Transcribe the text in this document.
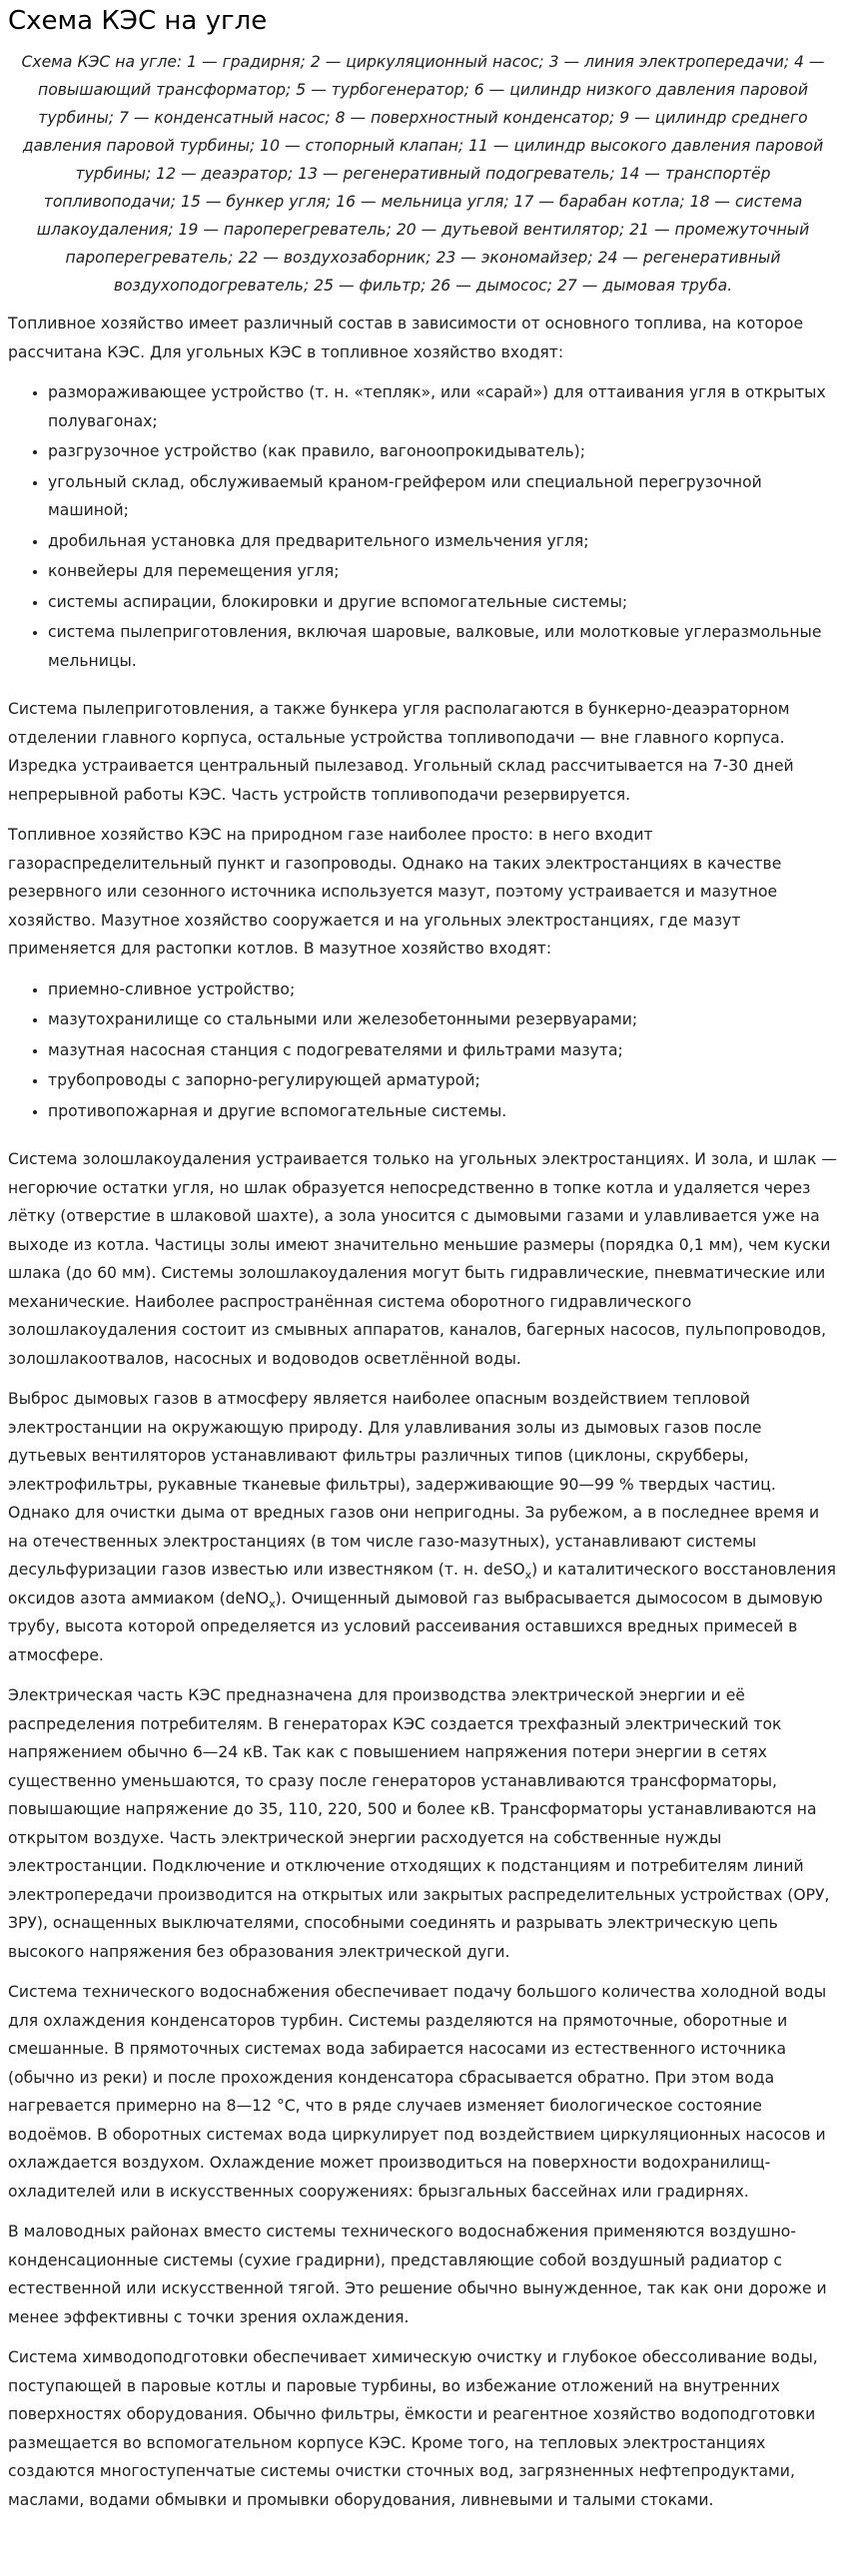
Схема КЭС на угле
Схема КЭС на угле: 1 — градирня; 2 — циркуляционный насос; 3 — линия электропередачи; 4 — повышающий трансформатор; 5 — турбогенератор; 6 — цилиндр низкого давления паровой турбины; 7 — конденсатный насос; 8 — поверхностный конденсатор; 9 — цилиндр среднего давления паровой турбины; 10 — стопорный клапан; 11 — цилиндр высокого давления паровой турбины; 12 — деаэратор; 13 — регенеративный подогреватель; 14 — транспортёр топливоподачи; 15 — бункер угля; 16 — мельница угля; 17 — барабан котла; 18 — система шлакоудаления; 19 — пароперегреватель; 20 — дутьевой вентилятор; 21 — промежуточный пароперегреватель; 22 — воздухозаборник; 23 — экономайзер; 24 — регенеративный воздухоподогреватель; 25 — фильтр; 26 — дымосос; 27 — дымовая труба.

Топливное хозяйство имеет различный состав в зависимости от основного топлива, на которое рассчитана КЭС. Для угольных КЭС в топливное хозяйство входят:

• размораживающее устройство (т. н. «тепляк», или «сарай») для оттаивания угля в открытых полувагонах;
• разгрузочное устройство (как правило, вагоноопрокидыватель);
• угольный склад, обслуживаемый краном-грейфером или специальной перегрузочной машиной;
• дробильная установка для предварительного измельчения угля;
• конвейеры для перемещения угля;
• системы аспирации, блокировки и другие вспомогательные системы;
• система пылеприготовления, включая шаровые, валковые, или молотковые углеразмольные мельницы.

Система пылеприготовления, а также бункера угля располагаются в бункерно-деаэраторном отделении главного корпуса, остальные устройства топливоподачи — вне главного корпуса. Изредка устраивается центральный пылезавод. Угольный склад рассчитывается на 7-30 дней непрерывной работы КЭС. Часть устройств топливоподачи резервируется.

Топливное хозяйство КЭС на природном газе наиболее просто: в него входит газораспределительный пункт и газопроводы. Однако на таких электростанциях в качестве резервного или сезонного источника используется мазут, поэтому устраивается и мазутное хозяйство. Мазутное хозяйство сооружается и на угольных электростанциях, где мазут применяется для растопки котлов. В мазутное хозяйство входят:

• приемно-сливное устройство;
• мазутохранилище со стальными или железобетонными резервуарами;
• мазутная насосная станция с подогревателями и фильтрами мазута;
• трубопроводы с запорно-регулирующей арматурой;
• противопожарная и другие вспомогательные системы.

Система золошлакоудаления устраивается только на угольных электростанциях. И зола, и шлак — негорючие остатки угля, но шлак образуется непосредственно в топке котла и удаляется через лётку (отверстие в шлаковой шахте), а зола уносится с дымовыми газами и улавливается уже на выходе из котла. Частицы золы имеют значительно меньшие размеры (порядка 0,1 мм), чем куски шлака (до 60 мм). Системы золошлакоудаления могут быть гидравлические, пневматические или механические. Наиболее распространённая система оборотного гидравлического золошлакоудаления состоит из смывных аппаратов, каналов, багерных насосов, пульпопроводов, золошлакоотвалов, насосных и водоводов осветлённой воды.

Выброс дымовых газов в атмосферу является наиболее опасным воздействием тепловой электростанции на окружающую природу. Для улавливания золы из дымовых газов после дутьевых вентиляторов устанавливают фильтры различных типов (циклоны, скрубберы, электрофильтры, рукавные тканевые фильтры), задерживающие 90—99 % твердых частиц. Однако для очистки дыма от вредных газов они непригодны. За рубежом, а в последнее время и на отечественных электростанциях (в том числе газо-мазутных), устанавливают системы десульфуризации газов известью или известняком (т. н. deSO$_x$) и каталитического восстановления оксидов азота аммиаком (deNO$_x$). Очищенный дымовой газ выбрасывается дымососом в дымовую трубу, высота которой определяется из условий рассеивания оставшихся вредных примесей в атмосфере.

Электрическая часть КЭС предназначена для производства электрической энергии и её распределения потребителям. В генераторах КЭС создается трехфазный электрический ток напряжением обычно 6—24 кВ. Так как с повышением напряжения потери энергии в сетях существенно уменьшаются, то сразу после генераторов устанавливаются трансформаторы, повышающие напряжение до 35, 110, 220, 500 и более кВ. Трансформаторы устанавливаются на открытом воздухе. Часть электрической энергии расходуется на собственные нужды электростанции. Подключение и отключение отходящих к подстанциям и потребителям линий электропередачи производится на открытых или закрытых распределительных устройствах (ОРУ, ЗРУ), оснащенных выключателями, способными соединять и разрывать электрическую цепь высокого напряжения без образования электрической дуги.

Система технического водоснабжения обеспечивает подачу большого количества холодной воды для охлаждения конденсаторов турбин. Системы разделяются на прямоточные, оборотные и смешанные. В прямоточных системах вода забирается насосами из естественного источника (обычно из реки) и после прохождения конденсатора сбрасывается обратно. При этом вода нагревается примерно на 8—12 °C, что в ряде случаев изменяет биологическое состояние водоёмов. В оборотных системах вода циркулирует под воздействием циркуляционных насосов и охлаждается воздухом. Охлаждение может производиться на поверхности водохранилищ-охладителей или в искусственных сооружениях: брызгальных бассейнах или градирнях.

В маловодных районах вместо системы технического водоснабжения применяются воздушно-конденсационные системы (сухие градирни), представляющие собой воздушный радиатор с естественной или искусственной тягой. Это решение обычно вынужденное, так как они дороже и менее эффективны с точки зрения охлаждения.

Система химводоподготовки обеспечивает химическую очистку и глубокое обессоливание воды, поступающей в паровые котлы и паровые турбины, во избежание отложений на внутренних поверхностях оборудования. Обычно фильтры, ёмкости и реагентное хозяйство водоподготовки размещается во вспомогательном корпусе КЭС. Кроме того, на тепловых электростанциях создаются многоступенчатые системы очистки сточных вод, загрязненных нефтепродуктами, маслами, водами обмывки и промывки оборудования, ливневыми и талыми стоками.
